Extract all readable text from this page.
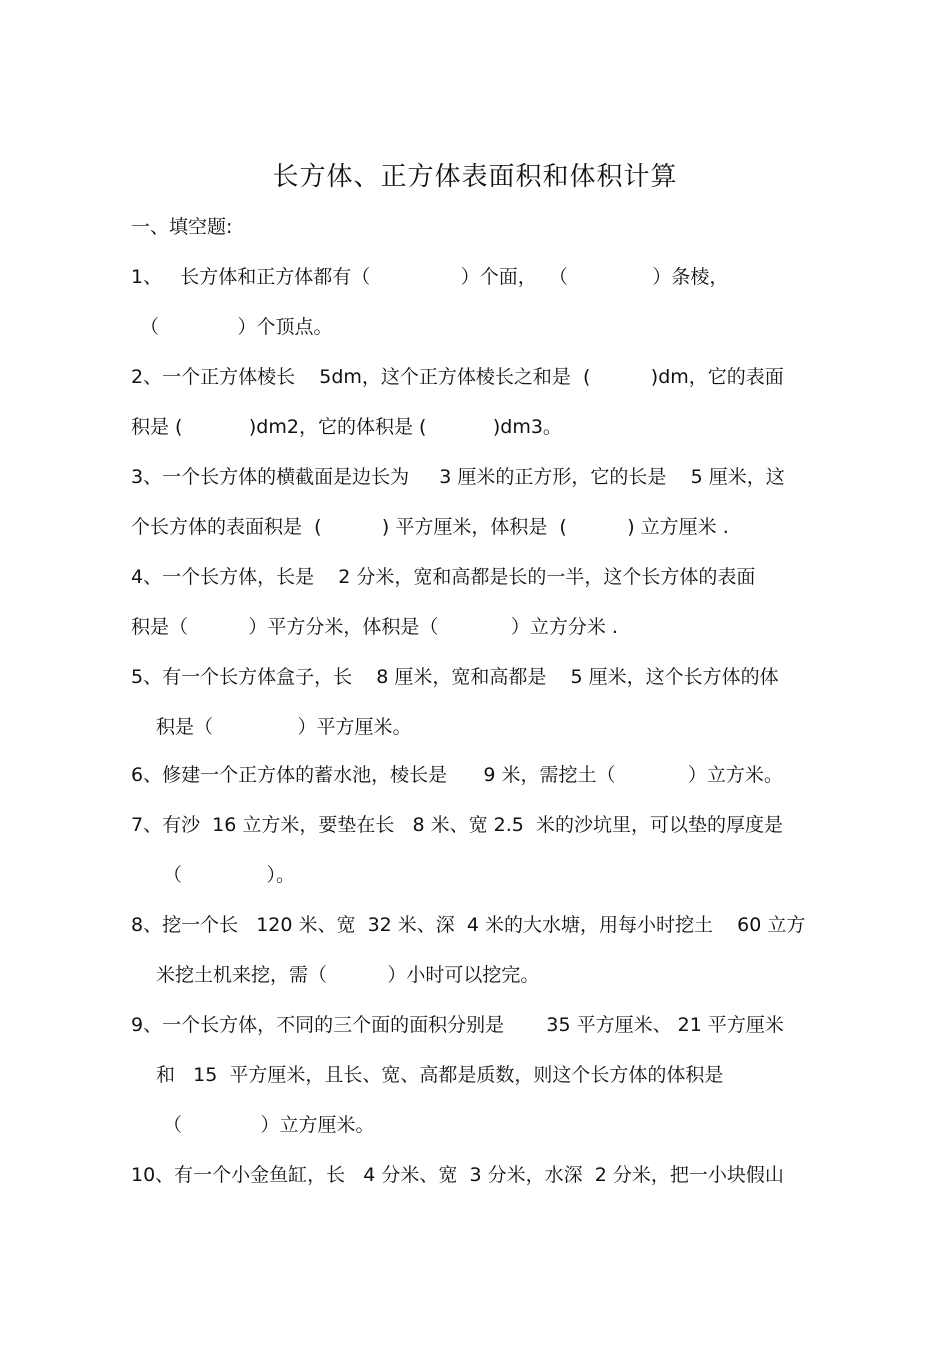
长方体、正方体表面积和体积计算
一、填空题:
1、   长方体和正方体都有（               ）个面，  （              ）条棱，
（             ）个顶点。
2、一个正方体棱长    5dm，这个正方体棱长之和是  (          )dm，它的表面
积是 (           )dm2，它的体积是 (           )dm3。
3、一个长方体的横截面是边长为     3 厘米的正方形，它的长是    5 厘米，这
个长方体的表面积是  (          ) 平方厘米，体积是  (          ) 立方厘米 .
4、一个长方体，长是    2 分米，宽和高都是长的一半，这个长方体的表面
积是（          ）平方分米，体积是（            ）立方分米 .
5、有一个长方体盒子，长    8 厘米，宽和高都是    5 厘米，这个长方体的体
积是（              ）平方厘米。
6、修建一个正方体的蓄水池，棱长是      9 米，需挖土（            ）立方米。
7、有沙  16 立方米，要垫在长   8 米、宽 2.5  米的沙坑里，可以垫的厚度是
（              ）。
8、挖一个长   120 米、宽  32 米、深  4 米的大水塘，用每小时挖土    60 立方
米挖土机来挖，需（          ）小时可以挖完。
9、一个长方体，不同的三个面的面积分别是       35 平方厘米、 21 平方厘米
和   15  平方厘米，且长、宽、高都是质数，则这个长方体的体积是
（             ）立方厘米。
10、有一个小金鱼缸，长   4 分米、宽  3 分米，水深  2 分米，把一小块假山
